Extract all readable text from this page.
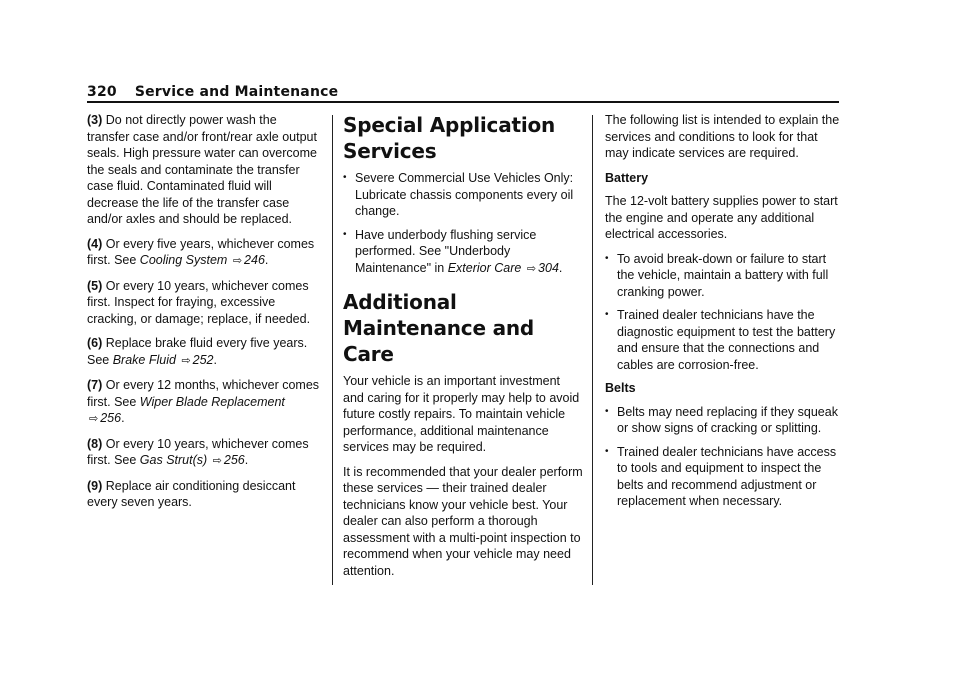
320 Service and Maintenance

(3) Do not directly power wash the transfer case and/or front/rear axle output seals. High pressure water can overcome the seals and contaminate the transfer case fluid. Contaminated fluid will decrease the life of the transfer case and/or axles and should be replaced.

(4) Or every five years, whichever comes first. See Cooling System ⇨ 246.

(5) Or every 10 years, whichever comes first. Inspect for fraying, excessive cracking, or damage; replace, if needed.

(6) Replace brake fluid every five years. See Brake Fluid ⇨ 252.

(7) Or every 12 months, whichever comes first. See Wiper Blade Replacement ⇨ 256.

(8) Or every 10 years, whichever comes first. See Gas Strut(s) ⇨ 256.

(9) Replace air conditioning desiccant every seven years.

Special Application Services
• Severe Commercial Use Vehicles Only: Lubricate chassis components every oil change.
• Have underbody flushing service performed. See "Underbody Maintenance" in Exterior Care ⇨ 304.
Additional Maintenance and Care

Your vehicle is an important investment and caring for it properly may help to avoid future costly repairs. To maintain vehicle performance, additional maintenance services may be required.

It is recommended that your dealer perform these services — their trained dealer technicians know your vehicle best. Your dealer can also perform a thorough assessment with a multi-point inspection to recommend when your vehicle may need attention.

The following list is intended to explain the services and conditions to look for that may indicate services are required.

Battery

The 12-volt battery supplies power to start the engine and operate any additional electrical accessories.

• To avoid break-down or failure to start the vehicle, maintain a battery with full cranking power.
• Trained dealer technicians have the diagnostic equipment to test the battery and ensure that the connections and cables are corrosion-free.
Belts
• Belts may need replacing if they squeak or show signs of cracking or splitting.
• Trained dealer technicians have access to tools and equipment to inspect the belts and recommend adjustment or replacement when necessary.
